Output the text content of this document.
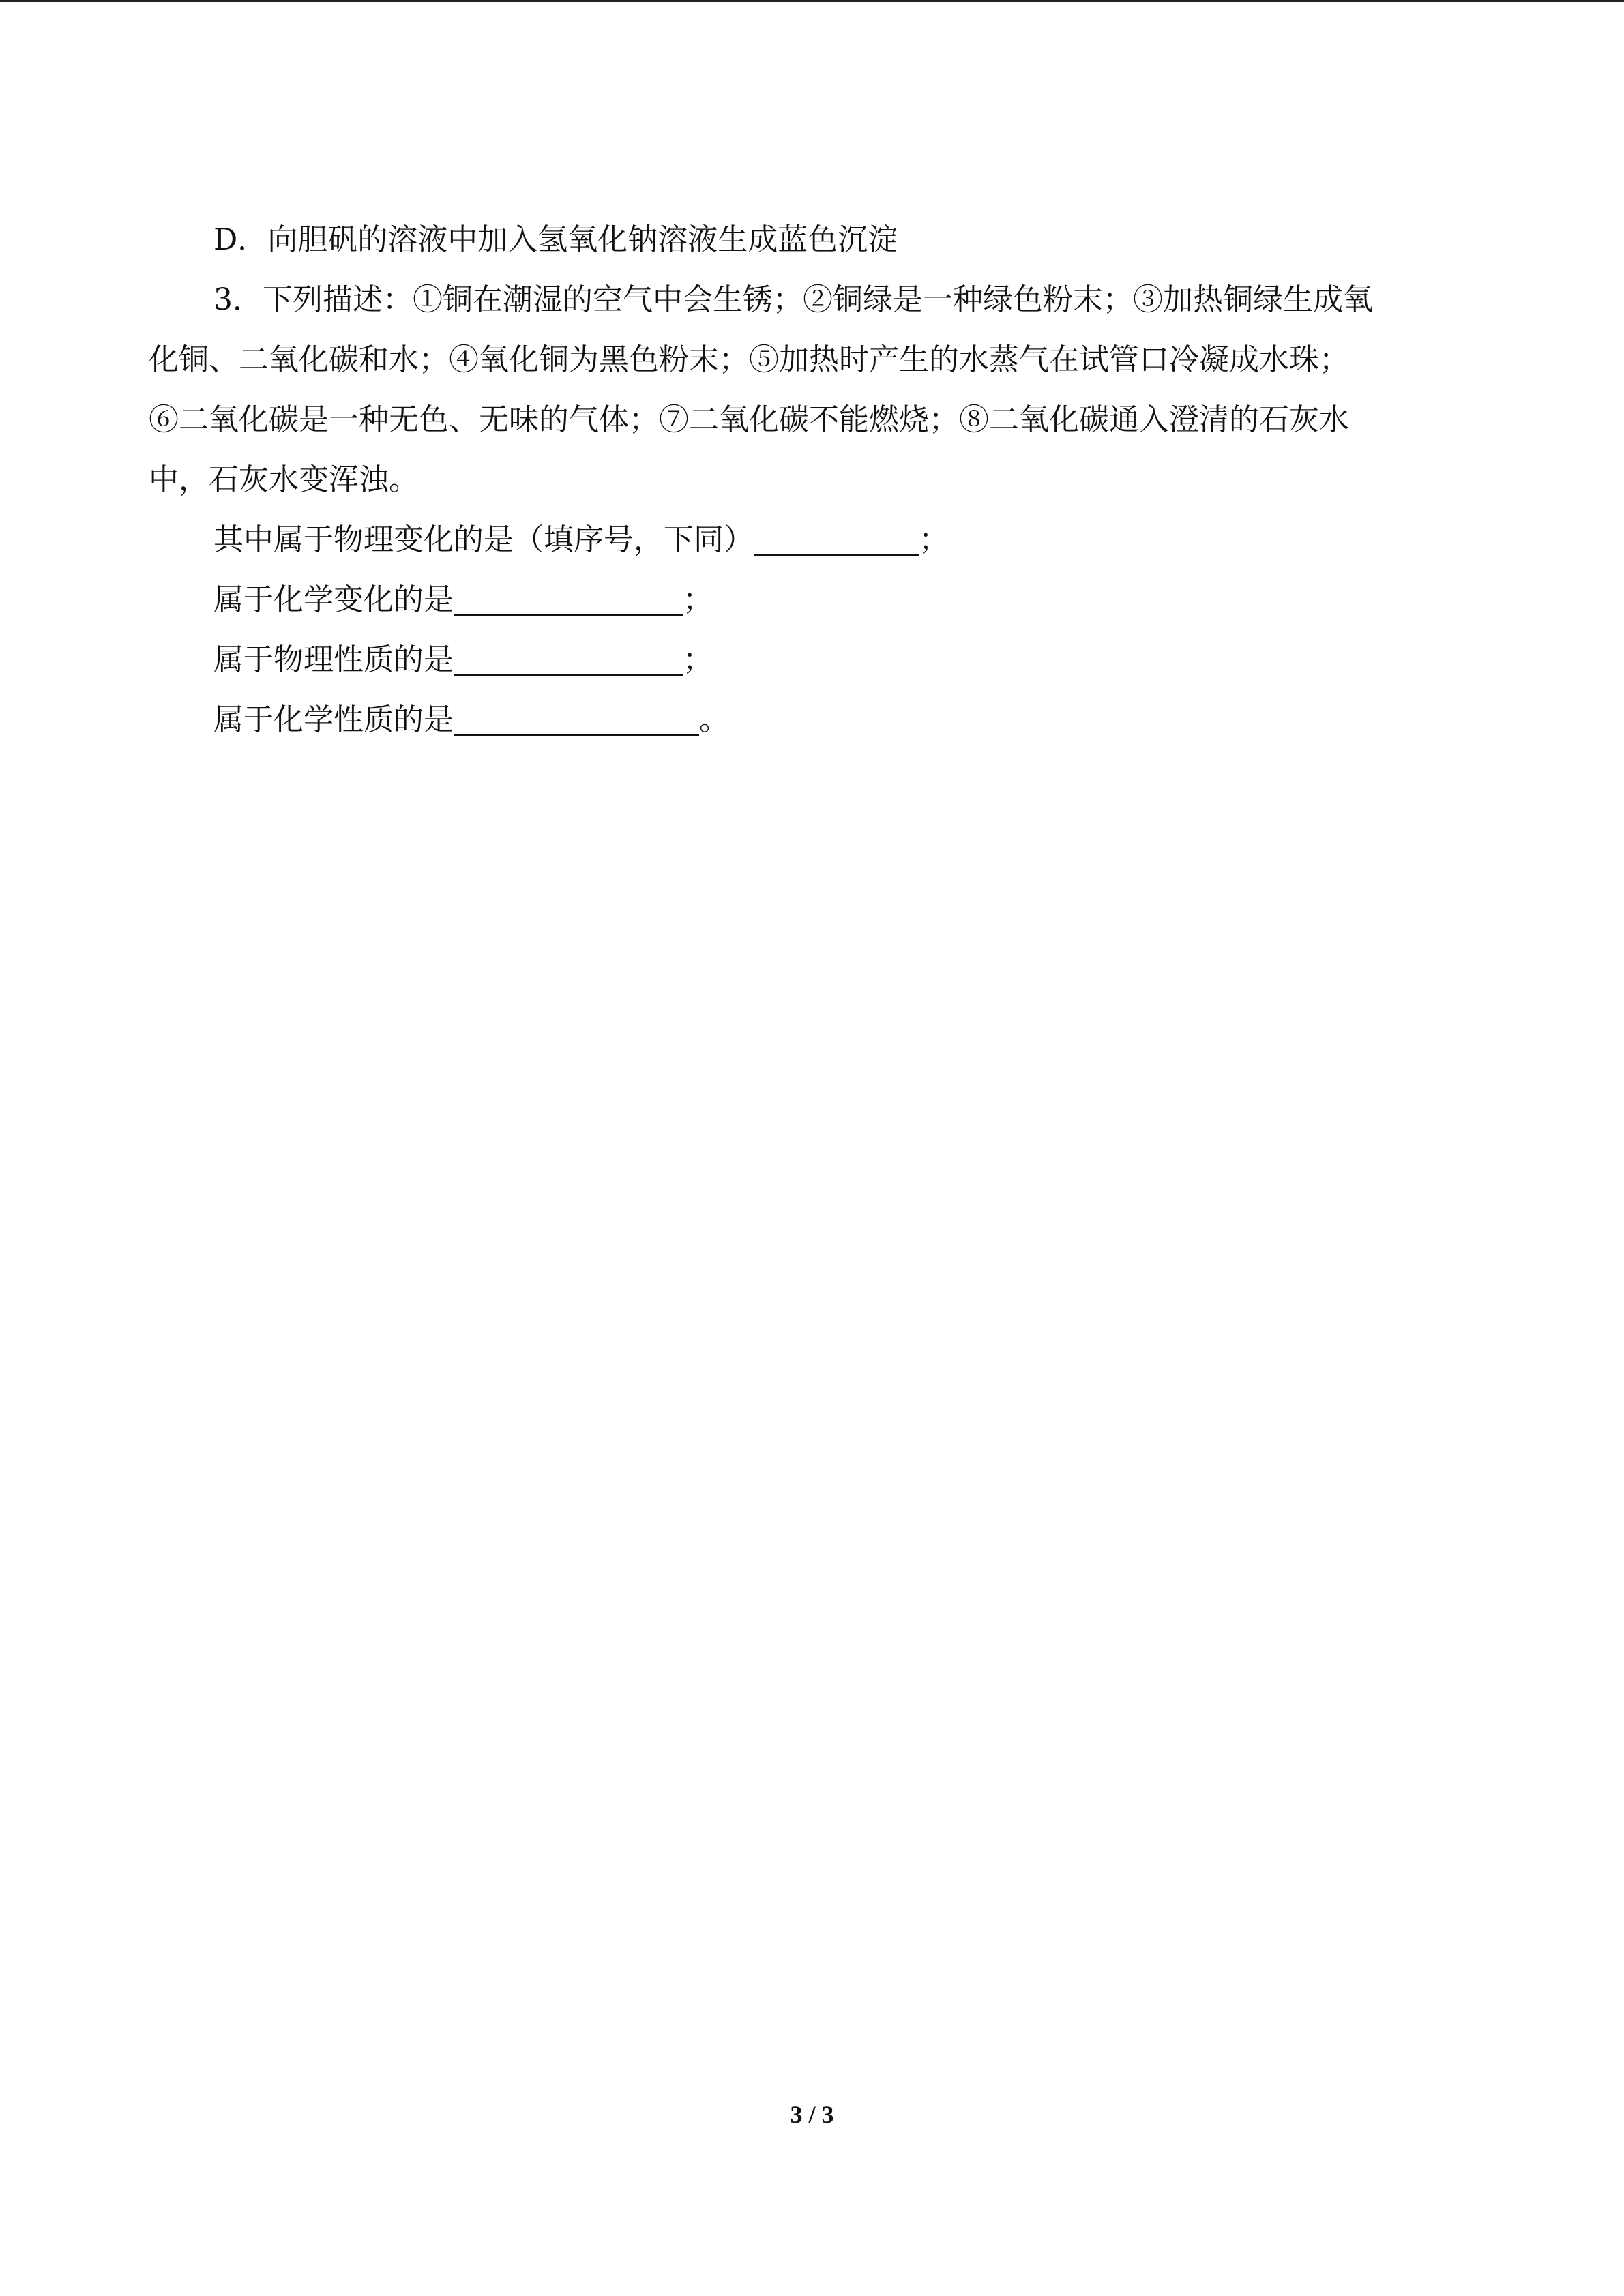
D．向胆矾的溶液中加入氢氧化钠溶液生成蓝色沉淀
3．下列描述：①铜在潮湿的空气中会生锈；②铜绿是一种绿色粉末；③加热铜绿生成氧
化铜、二氧化碳和水；④氧化铜为黑色粉末；⑤加热时产生的水蒸气在试管口冷凝成水珠；
⑥二氧化碳是一种无色、无味的气体；⑦二氧化碳不能燃烧；⑧二氧化碳通入澄清的石灰水
中，石灰水变浑浊。
其中属于物理变化的是（填序号，下同）	；
属于化学变化的是	；
属于物理性质的是	；
属于化学性质的是	。
3 / 3
